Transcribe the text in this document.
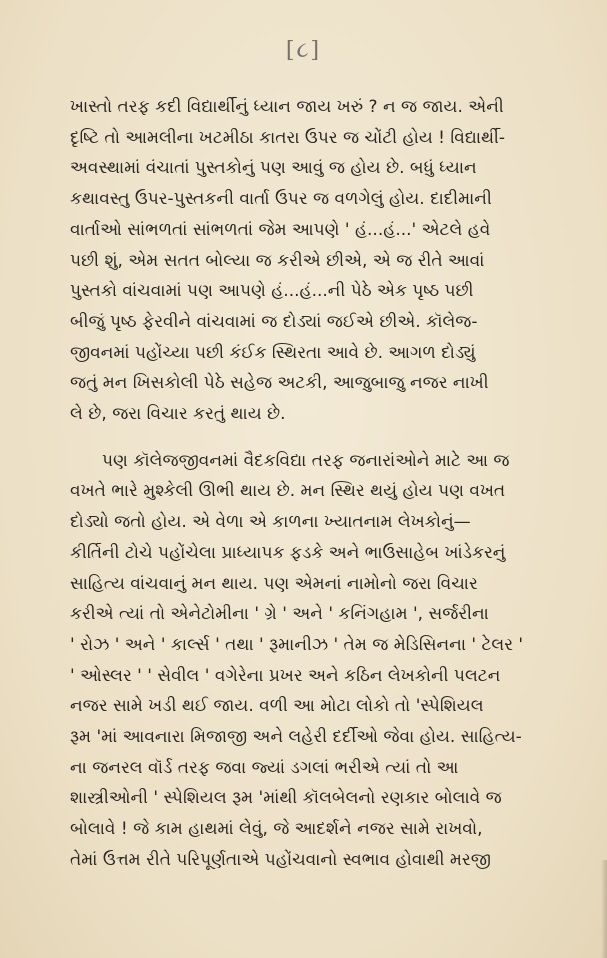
[૮]

ખાસ્તો તરફ કદી વિદ્યાર્થીનું ધ્યાન જાય ખરું ? ન જ જાય. એની
દૃષ્ટિ તો આમલીના ખટમીઠા કાતરા ઉપર જ ચોંટી હોય ! વિદ્યાર્થી-
અવસ્થામાં વંચાતાં પુસ્તકોનું પણ આવું જ હોય છે. બધું ધ્યાન
કથાવસ્તુ ઉપર-પુસ્તકની વાર્તા ઉપર જ વળગેલું હોય. દાદીમાની
વાર્તાઓ સાંભળતાં સાંભળતાં જેમ આપણે ' હં...હં...' એટલે હવે
પછી શું, એમ સતત બોલ્યા જ કરીએ છીએ, એ જ રીતે આવાં
પુસ્તકો વાંચવામાં પણ આપણે હં...હં...ની પેઠે એક પૃષ્ઠ પછી
બીજું પૃષ્ઠ ફેરવીને વાંચવામાં જ દોડ્યાં જઈએ છીએ. કૉલેજ-
જીવનમાં પહોંચ્યા પછી કંઈક સ્થિરતા આવે છે. આગળ દોડ્યું
જતું મન ખિસકોલી પેઠે સહેજ અટકી, આજુબાજુ નજર નાખી
લે છે, જરા વિચાર કરતું થાય છે.

પણ કૉલેજજીવનમાં વૈદકવિદ્યા તરફ જનારાંઓને માટે આ જ
વખતે ભારે મુશ્કેલી ઊભી થાય છે. મન સ્થિર થયું હોય પણ વખત
દોડ્યો જતો હોય. એ વેળા એ કાળના ખ્યાતનામ લેખકોનું—
કીર્તિની ટોચે પહોંચેલા પ્રાધ્યાપક ફડકે અને ભાઉસાહેબ ખાંડેકરનું
સાહિત્ય વાંચવાનું મન થાય. પણ એમનાં નામોનો જરા વિચાર
કરીએ ત્યાં તો એનેટોમીના ' ગ્રે ' અને ' કનિંગહામ ', સર્જરીના
' રોઝ ' અને ' કાર્લ્સ ' તથા ' રૂમાનીઝ ' તેમ જ મેડિસિનના ' ટેલર '
' ઓસ્લર ' ' સેવીલ ' વગેરેના પ્રખર અને કઠિન લેખકોની પલટન
નજર સામે ખડી થઈ જાય. વળી આ મોટા લોકો તો 'સ્પેશિયલ
રૂમ 'માં આવનારા મિજાજી અને લહેરી દર્દીઓ જેવા હોય. સાહિત્ય-
ના જનરલ વૉર્ડ તરફ જવા જ્યાં ડગલાં ભરીએ ત્યાં તો આ
શાસ્ત્રીઓની ' સ્પેશિયલ રૂમ 'માંથી કૉલબેલનો રણકાર બોલાવે જ
બોલાવે ! જે કામ હાથમાં લેવું, જે આદર્શને નજર સામે રાખવો,
તેમાં ઉત્તમ રીતે પરિપૂર્ણતાએ પહોંચવાનો સ્વભાવ હોવાથી મરજી
